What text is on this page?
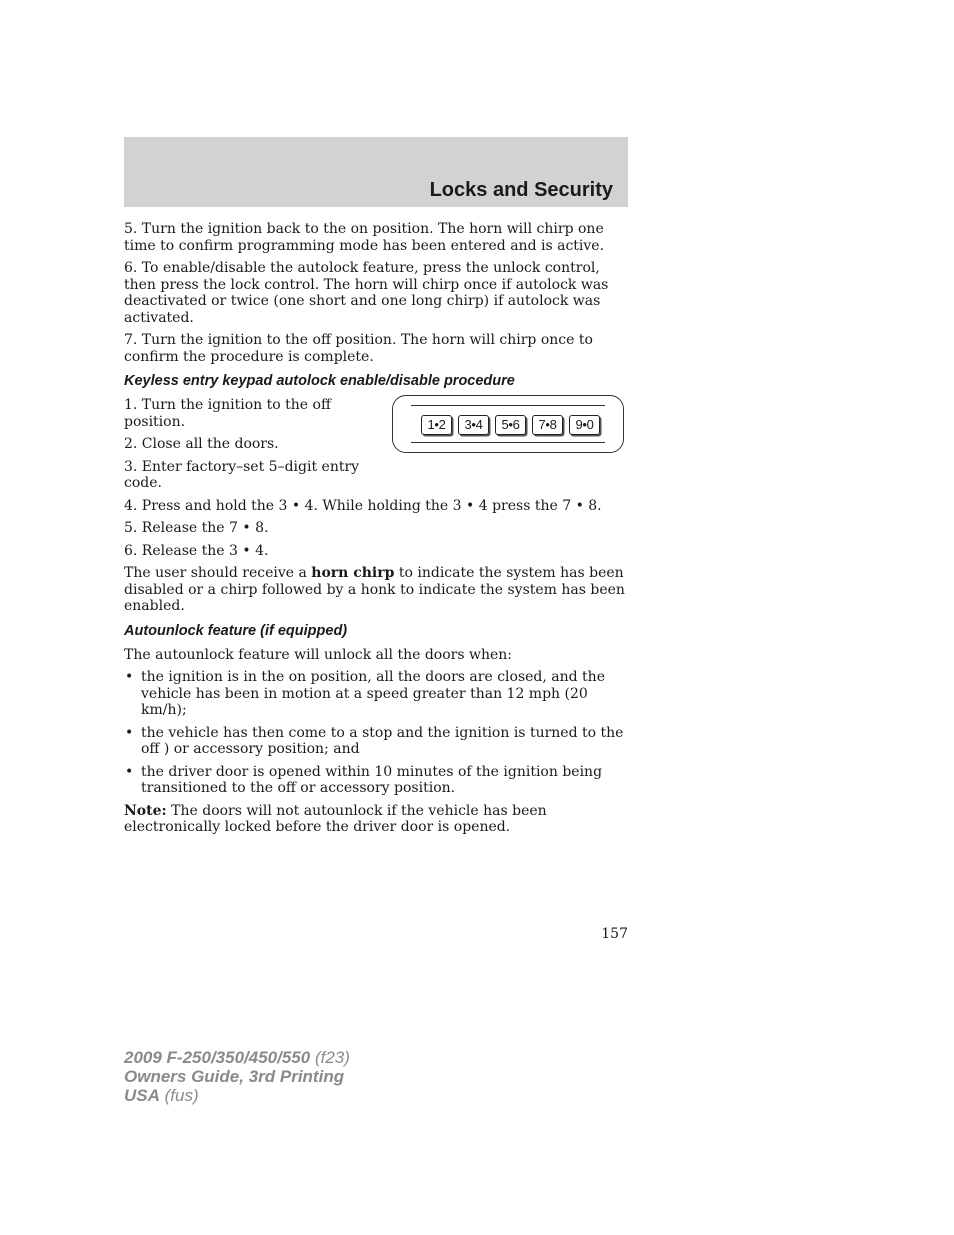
Locks and Security

5. Turn the ignition back to the on position. The horn will chirp one time to confirm programming mode has been entered and is active.

6. To enable/disable the autolock feature, press the unlock control, then press the lock control. The horn will chirp once if autolock was deactivated or twice (one short and one long chirp) if autolock was activated.

7. Turn the ignition to the off position. The horn will chirp once to confirm the procedure is complete.

Keyless entry keypad autolock enable/disable procedure

1. Turn the ignition to the off position.

2. Close all the doors.

3. Enter factory–set 5–digit entry code.

1•2	3•4	5•6	7•8	9•0

4. Press and hold the 3 • 4. While holding the 3 • 4 press the 7 • 8.

5. Release the 7 • 8.

6. Release the 3 • 4.

The user should receive a horn chirp to indicate the system has been disabled or a chirp followed by a honk to indicate the system has been enabled.

Autounlock feature (if equipped)

The autounlock feature will unlock all the doors when:

• the ignition is in the on position, all the doors are closed, and the vehicle has been in motion at a speed greater than 12 mph (20 km/h);
• the vehicle has then come to a stop and the ignition is turned to the off ) or accessory position; and
• the driver door is opened within 10 minutes of the ignition being transitioned to the off or accessory position.

Note: The doors will not autounlock if the vehicle has been electronically locked before the driver door is opened.

157
2009 F-250/350/450/550 (f23)
Owners Guide, 3rd Printing
USA (fus)
